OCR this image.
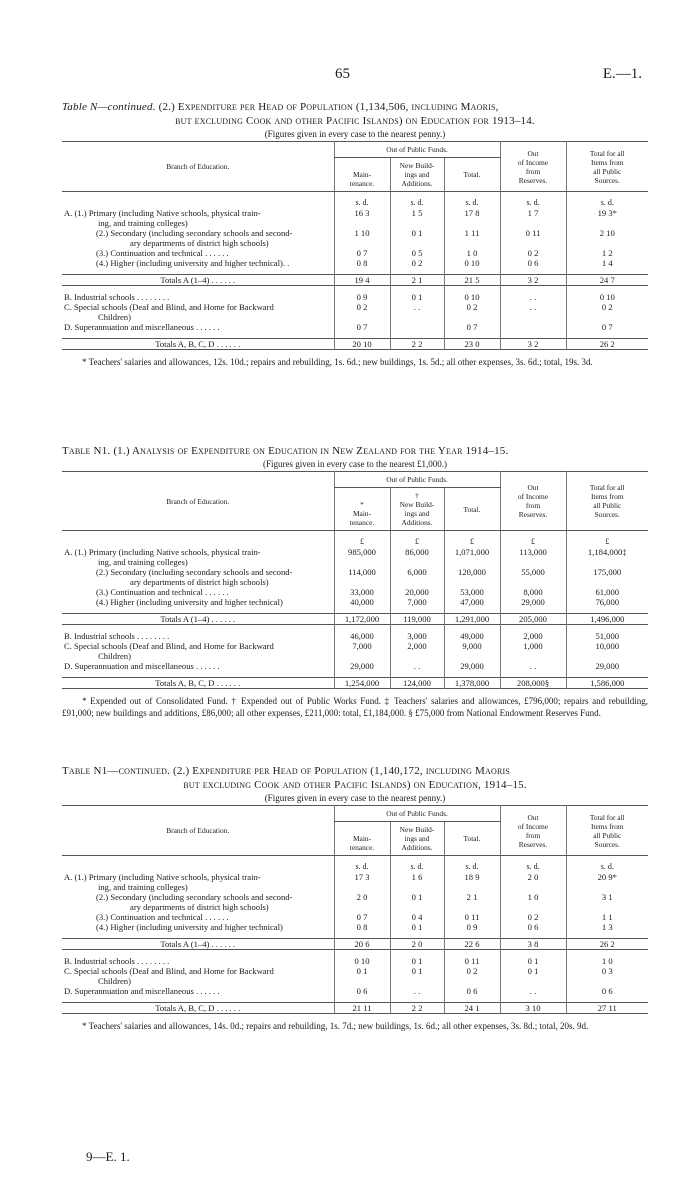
65	E.—1.
Table N—continued. (2.) Expenditure per Head of Population (1,134,506, including Maoris,
but excluding Cook and other Pacific Islands) on Education for 1913–14.
(Figures given in every case to the nearest penny.)
Branch of Education.	Out of Public Funds.			Out
of Income
from
Reserves.	Total for all
Items from
all Public
Sources.
	Main-
tenance.	New Build-
ings and
Additions.	Total.		
	s. d.	s. d.	s. d.	s. d.	s. d.
A. (1.) Primary (including Native schools, physical train-
ing, and training colleges)	16 3	1 5	17 8	1 7	19 3*
(2.) Secondary (including secondary schools and second-
ary departments of district high schools)	1 10	0 1	1 11	0 11	2 10
(3.) Continuation and technical . . . . . .	0 7	0 5	1 0	0 2	1 2
(4.) Higher (including university and higher technical). .	0 8	0 2	0 10	0 6	1 4

Totals A (1–4) . . . . . .	19 4	2 1	21 5	3 2	24 7

B. Industrial schools . . . . . . . .	0 9	0 1	0 10	. .	0 10
C. Special schools (Deaf and Blind, and Home for Backward
Children)	0 2	. .	0 2	. .	0 2
D. Superannuation and miscellaneous . . . . . .	0 7		0 7		0 7

Totals A, B, C, D . . . . . .	20 10	2 2	23 0	3 2	26 2
* Teachers' salaries and allowances, 12s. 10d.; repairs and rebuilding, 1s. 6d.; new buildings, 1s. 5d.; all other expenses, 3s. 6d.; total, 19s. 3d.
Table N1. (1.) Analysis of Expenditure on Education in New Zealand for the Year 1914–15.
(Figures given in every case to the nearest £1,000.)
Branch of Education.	Out of Public Funds.			Out
of Income
from
Reserves.	Total for all
Items from
all Public
Sources.

	*
Main-
tenance.	†
New Build-
ings and
Additions.	Total.		
	£	£	£	£	£
A. (1.) Primary (including Native schools, physical train-
ing, and training colleges)	985,000	86,000	1,071,000	113,000	1,184,000‡
(2.) Secondary (including secondary schools and second-
ary departments of district high schools)	114,000	6,000	120,000	55,000	175,000
(3.) Continuation and technical . . . . . .	33,000	20,000	53,000	8,000	61,000
(4.) Higher (including university and higher technical)	40,000	7,000	47,000	29,000	76,000

Totals A (1–4) . . . . . .	1,172,000	119,000	1,291,000	205,000	1,496,000

B. Industrial schools . . . . . . . .	46,000	3,000	49,000	2,000	51,000
C. Special schools (Deaf and Blind, and Home for Backward
Children)	7,000	2,000	9,000	1,000	10,000
D. Superannuation and miscellaneous . . . . . .	29,000	. .	29,000	. .	29,000

Totals A, B, C, D . . . . . .	1,254,000	124,000	1,378,000	208,000§	1,586,000
* Expended out of Consolidated Fund. † Expended out of Public Works Fund. ‡ Teachers' salaries and allowances, £796,000; repairs and rebuilding, £91,000; new buildings and additions, £86,000; all other expenses, £211,000: total, £1,184,000. § £75,000 from National Endowment Reserves Fund.
Table N1—continued. (2.) Expenditure per Head of Population (1,140,172, including Maoris
but excluding Cook and other Pacific Islands) on Education, 1914–15.
(Figures given in every case to the nearest penny.)
Branch of Education.	Out of Public Funds.			Out
of Income
from
Reserves.	Total for all
Items from
all Public
Sources.
	Main-
tenance.	New Build-
ings and
Additions.	Total.		
	s. d.	s. d.	s. d.	s. d.	s. d.
A. (1.) Primary (including Native schools, physical train-
ing, and training colleges)	17 3	1 6	18 9	2 0	20 9*
(2.) Secondary (including secondary schools and second-
ary departments of district high schools)	2 0	0 1	2 1	1 0	3 1
(3.) Continuation and technical . . . . . .	0 7	0 4	0 11	0 2	1 1
(4.) Higher (including university and higher technical)	0 8	0 1	0 9	0 6	1 3

Totals A (1–4) . . . . . .	20 6	2 0	22 6	3 8	26 2

B. Industrial schools . . . . . . . .	0 10	0 1	0 11	0 1	1 0
C. Special schools (Deaf and Blind, and Home for Backward
Children)	0 1	0 1	0 2	0 1	0 3
D. Superannuation and miscellaneous . . . . . .	0 6	. .	0 6	. .	0 6

Totals A, B, C, D . . . . . .	21 11	2 2	24 1	3 10	27 11
* Teachers' salaries and allowances, 14s. 0d.; repairs and rebuilding, 1s. 7d.; new buildings, 1s. 6d.; all other expenses, 3s. 8d.; total, 20s. 9d.
9—E. 1.
